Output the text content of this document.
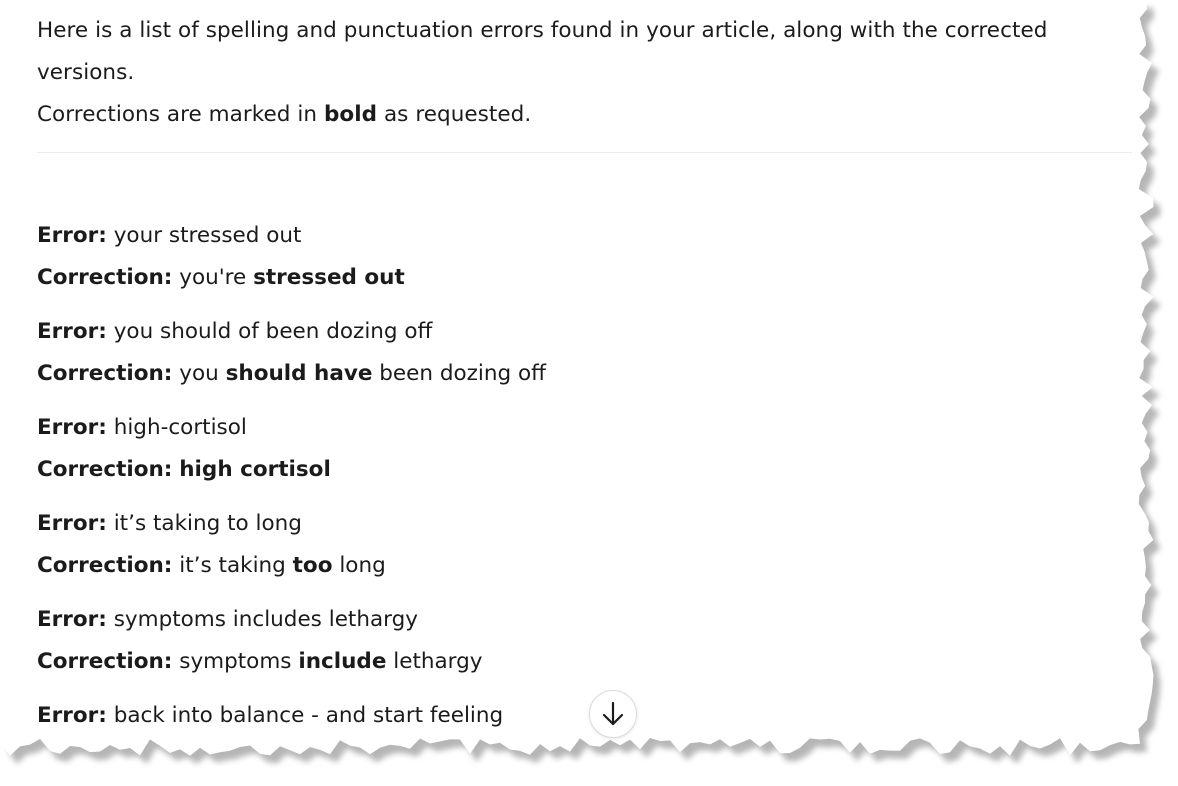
Here is a list of spelling and punctuation errors found in your article, along with the corrected versions.
Corrections are marked in bold as requested.
Error: your stressed out
Correction: you're stressed out
Error: you should of been dozing off
Correction: you should have been dozing off
Error: high-cortisol
Correction: high cortisol
Error: it’s taking to long
Correction: it’s taking too long
Error: symptoms includes lethargy
Correction: symptoms include lethargy
Error: back into balance - and start feeling
